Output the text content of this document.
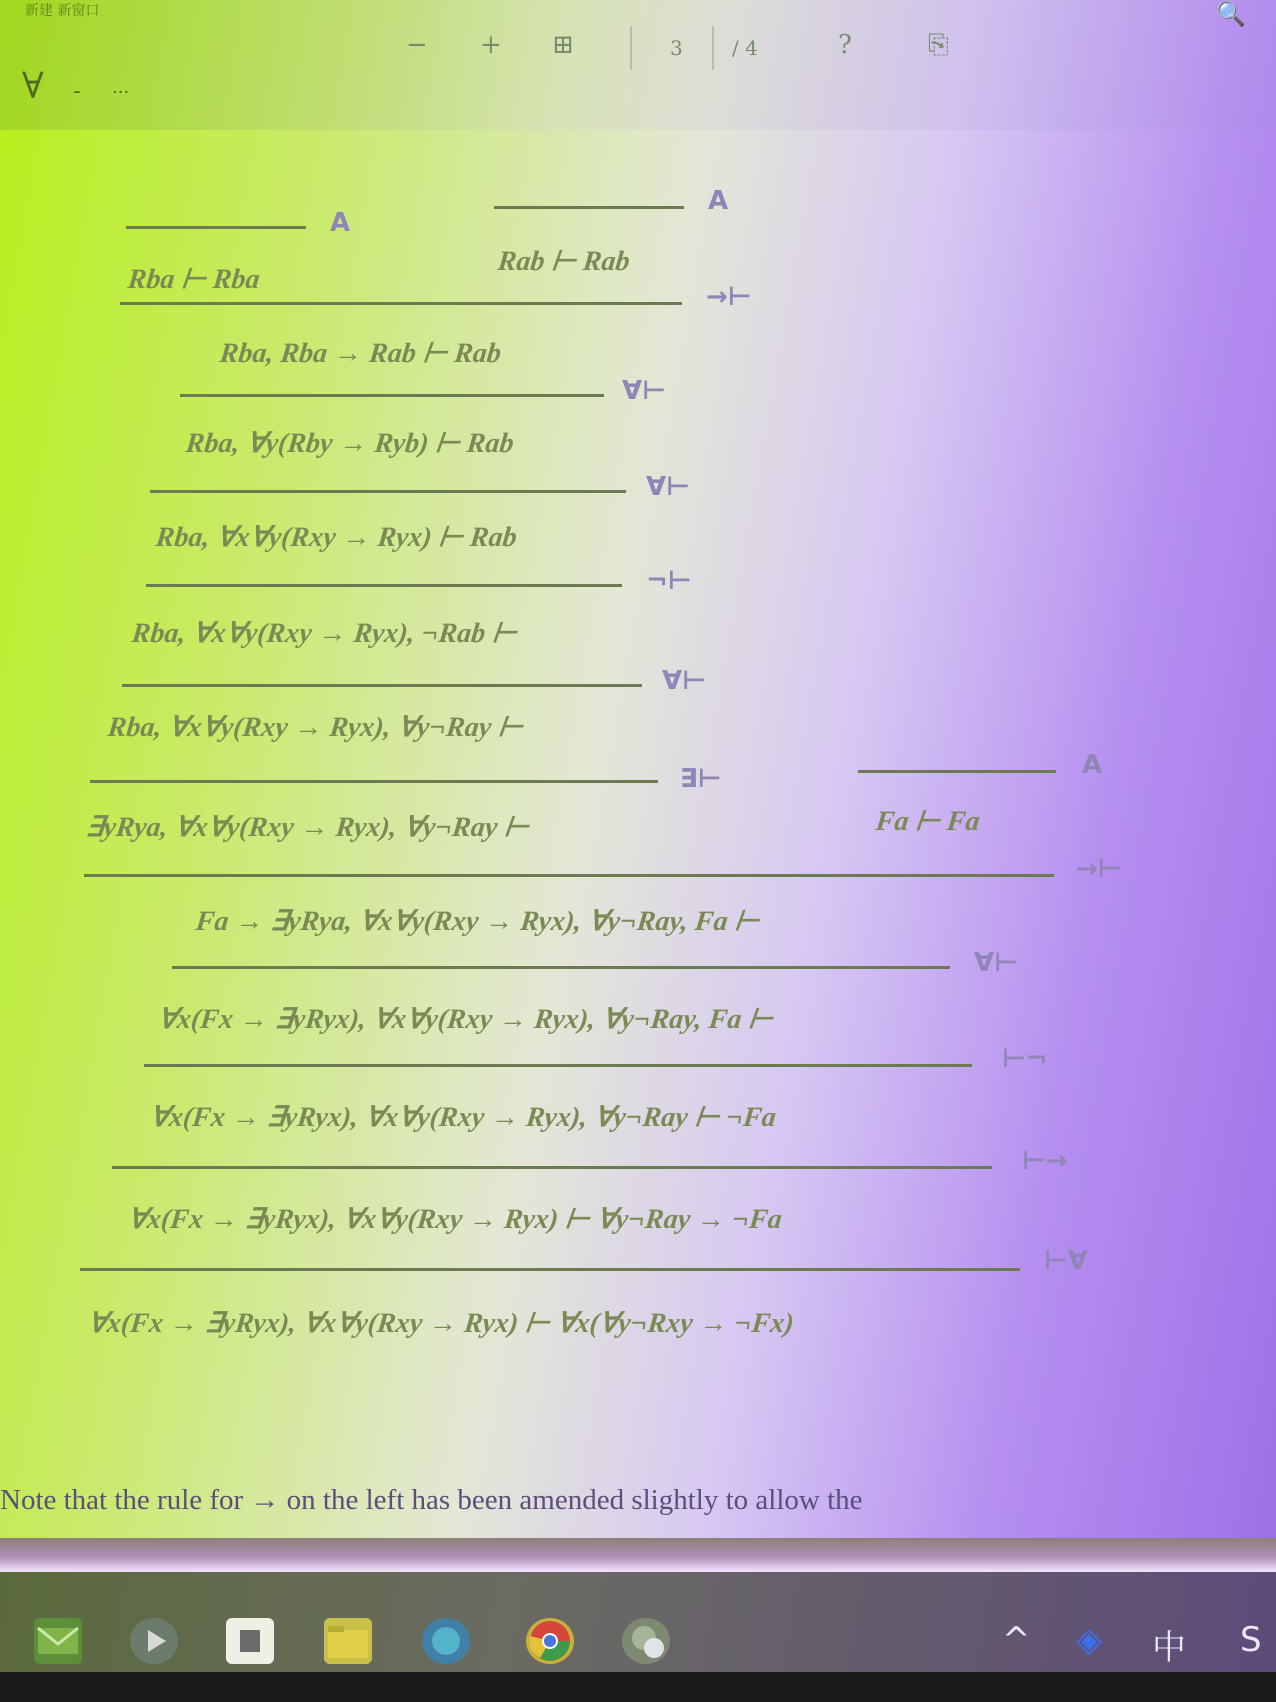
新建 新窗口
∀ - ···
− + ⊞	3 / 4	?	⎘
🔍
A
Rba ⊢ Rba
A
Rab ⊢ Rab
→⊢
Rba, Rba → Rab ⊢ Rab
∀⊢
Rba, ∀y(Rby → Ryb) ⊢ Rab
∀⊢
Rba, ∀x∀y(Rxy → Ryx) ⊢ Rab
¬⊢
Rba, ∀x∀y(Rxy → Ryx), ¬Rab ⊢
∀⊢
Rba, ∀x∀y(Rxy → Ryx), ∀y¬Ray ⊢
∃⊢
∃yRya, ∀x∀y(Rxy → Ryx), ∀y¬Ray ⊢
A
Fa ⊢ Fa
→⊢
Fa → ∃yRya, ∀x∀y(Rxy → Ryx), ∀y¬Ray, Fa ⊢
∀⊢
∀x(Fx → ∃yRyx), ∀x∀y(Rxy → Ryx), ∀y¬Ray, Fa ⊢
⊢¬
∀x(Fx → ∃yRyx), ∀x∀y(Rxy → Ryx), ∀y¬Ray ⊢ ¬Fa
⊢→
∀x(Fx → ∃yRyx), ∀x∀y(Rxy → Ryx) ⊢ ∀y¬Ray → ¬Fa
⊢∀
∀x(Fx → ∃yRyx), ∀x∀y(Rxy → Ryx) ⊢ ∀x(∀y¬Rxy → ¬Fx)
Note that the rule for → on the left has been amended slightly to allow the
^ ◈ 中 S
